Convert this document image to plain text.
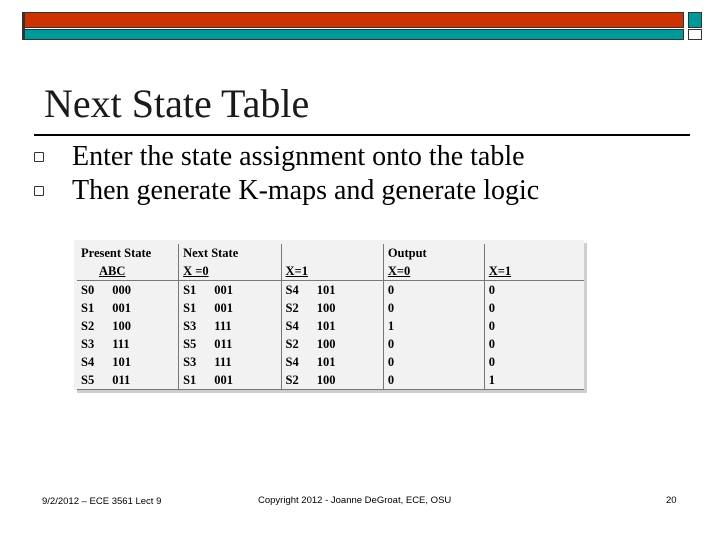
Next State Table
Enter the state assignment onto the table
Then generate K-maps and generate logic
Present State	Next State		Output	
ABC	X =0	X=1	X=0	X=1
S0 000	S1 001	S4 101	0	0
S1 001	S1 001	S2 100	0	0
S2 100	S3 111	S4 101	1	0
S3 111	S5 011	S2 100	0	0
S4 101	S3 111	S4 101	0	0
S5 011	S1 001	S2 100	0	1
9/2/2012 – ECE 3561 Lect 9	Copyright 2012 - Joanne DeGroat, ECE, OSU	20
